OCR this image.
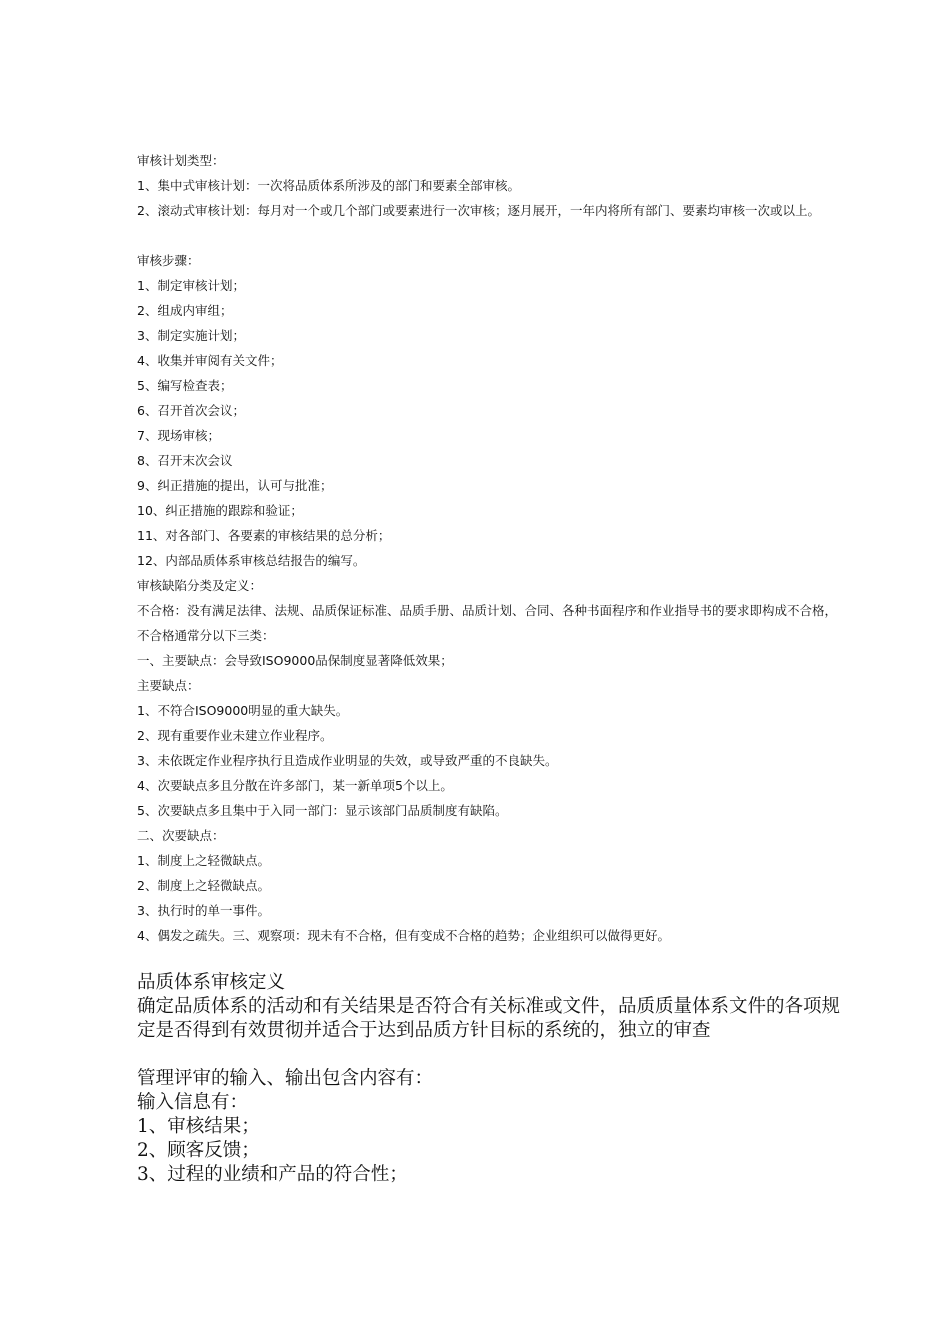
审核计划类型：
1、集中式审核计划：一次将品质体系所涉及的部门和要素全部审核。
2、滚动式审核计划：每月对一个或几个部门或要素进行一次审核；逐月展开，一年内将所有部门、要素均审核一次或以上。
审核步骤：
1、制定审核计划；
2、组成内审组；
3、制定实施计划；
4、收集并审阅有关文件；
5、编写检查表；
6、召开首次会议；
7、现场审核；
8、召开末次会议
9、纠正措施的提出，认可与批准；
10、纠正措施的跟踪和验证；
11、对各部门、各要素的审核结果的总分析；
12、内部品质体系审核总结报告的编写。
审核缺陷分类及定义：
不合格：没有满足法律、法规、品质保证标准、品质手册、品质计划、合同、各种书面程序和作业指导书的要求即构成不合格，不合格通常分以下三类：
一、主要缺点：会导致ISO9000品保制度显著降低效果；
主要缺点：
1、不符合ISO9000明显的重大缺失。
2、现有重要作业未建立作业程序。
3、未依既定作业程序执行且造成作业明显的失效，或导致严重的不良缺失。
4、次要缺点多且分散在许多部门，某一新单项5个以上。
5、次要缺点多且集中于入同一部门：显示该部门品质制度有缺陷。
二、次要缺点：
1、制度上之轻微缺点。
2、制度上之轻微缺点。
3、执行时的单一事件。
4、偶发之疏失。三、观察项：现未有不合格，但有变成不合格的趋势；企业组织可以做得更好。
品质体系审核定义
确定品质体系的活动和有关结果是否符合有关标准或文件，品质质量体系文件的各项规定是否得到有效贯彻并适合于达到品质方针目标的系统的，独立的审查
管理评审的输入、输出包含内容有：
输入信息有：
1、审核结果；
2、顾客反馈；
3、过程的业绩和产品的符合性；
